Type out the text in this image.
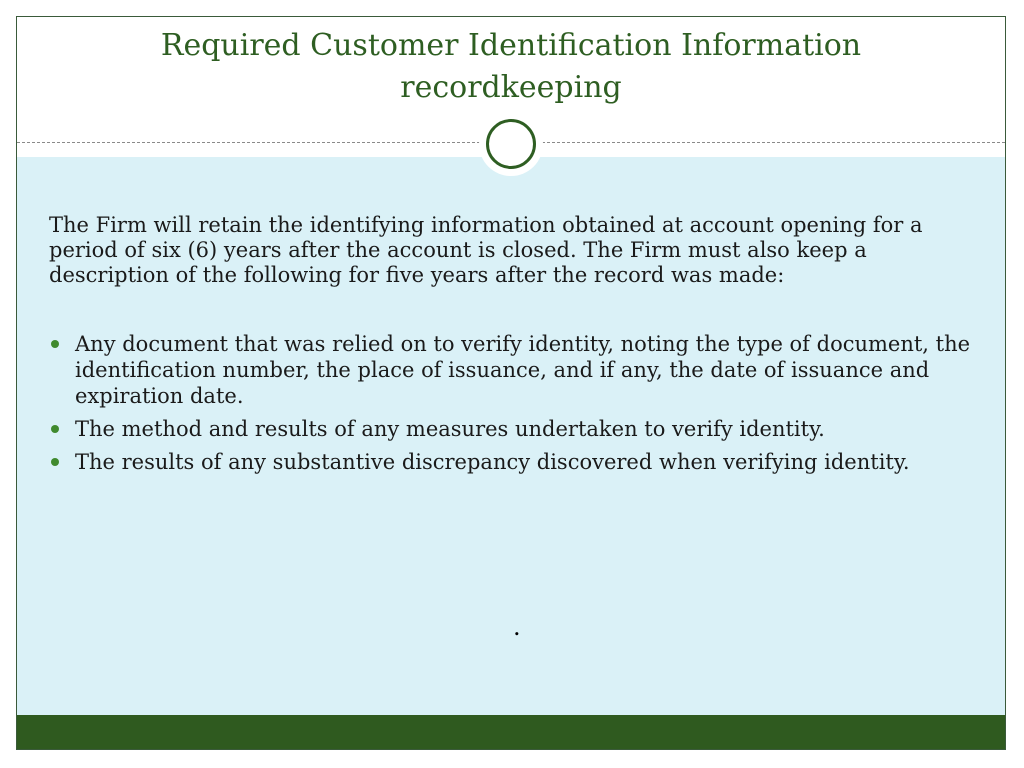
Required Customer Identification Information
recordkeeping

The Firm will retain the identifying information obtained at account opening for a period of six (6) years after the account is closed. The Firm must also keep a description of the following for five years after the record was made:

Any document that was relied on to verify identity, noting the type of document, the identification number, the place of issuance, and if any, the date of issuance and expiration date.
The method and results of any measures undertaken to verify identity.
The results of any substantive discrepancy discovered when verifying identity.
.
